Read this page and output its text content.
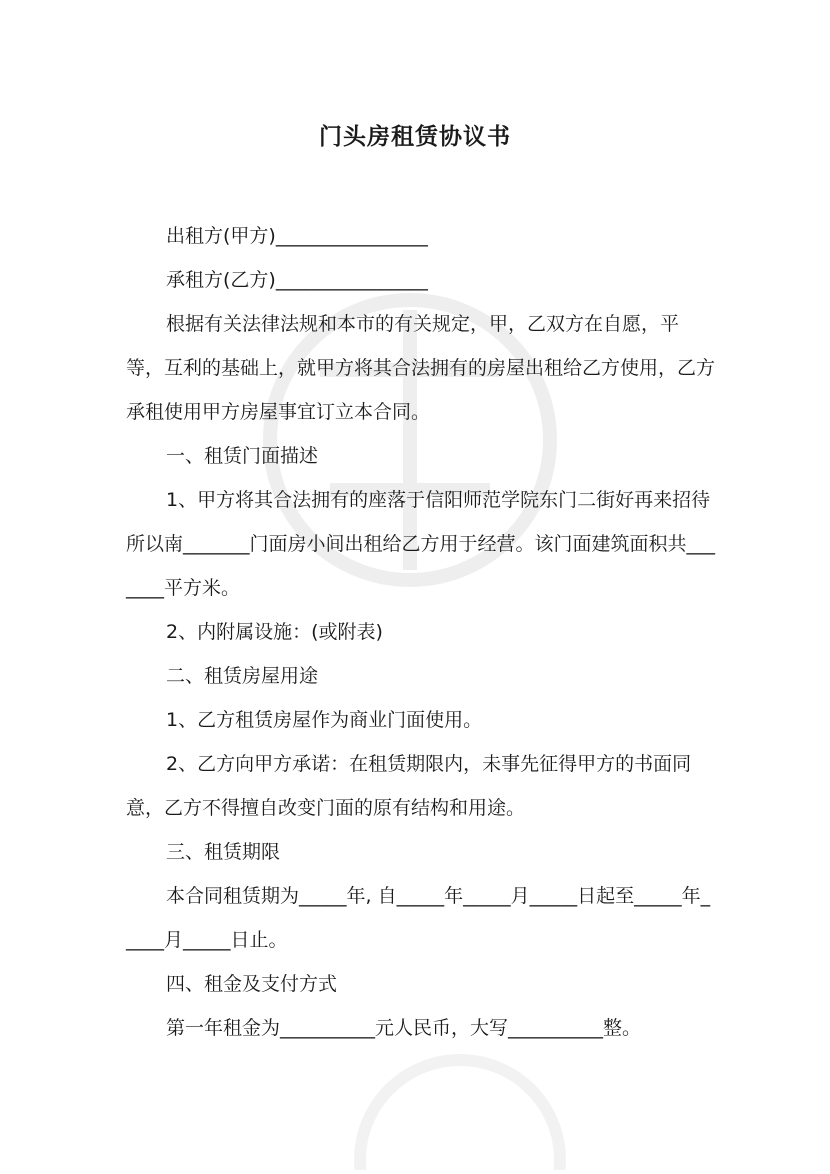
门头房租赁协议书

出租方(甲方)________________

承租方(乙方)________________

根据有关法律法规和本市的有关规定，甲，乙双方在自愿，平等，互利的基础上，就甲方将其合法拥有的房屋出租给乙方使用，乙方承租使用甲方房屋事宜订立本合同。

一、租赁门面描述

1、甲方将其合法拥有的座落于信阳师范学院东门二街好再来招待所以南_______门面房小间出租给乙方用于经营。该门面建筑面积共_______平方米。

2、内附属设施：(或附表)

二、租赁房屋用途

1、乙方租赁房屋作为商业门面使用。

2、乙方向甲方承诺：在租赁期限内，未事先征得甲方的书面同意，乙方不得擅自改变门面的原有结构和用途。

三、租赁期限

本合同租赁期为_____年, 自_____年_____月_____日起至_____年_____月_____日止。

四、租金及支付方式

第一年租金为__________元人民币，大写__________整。
